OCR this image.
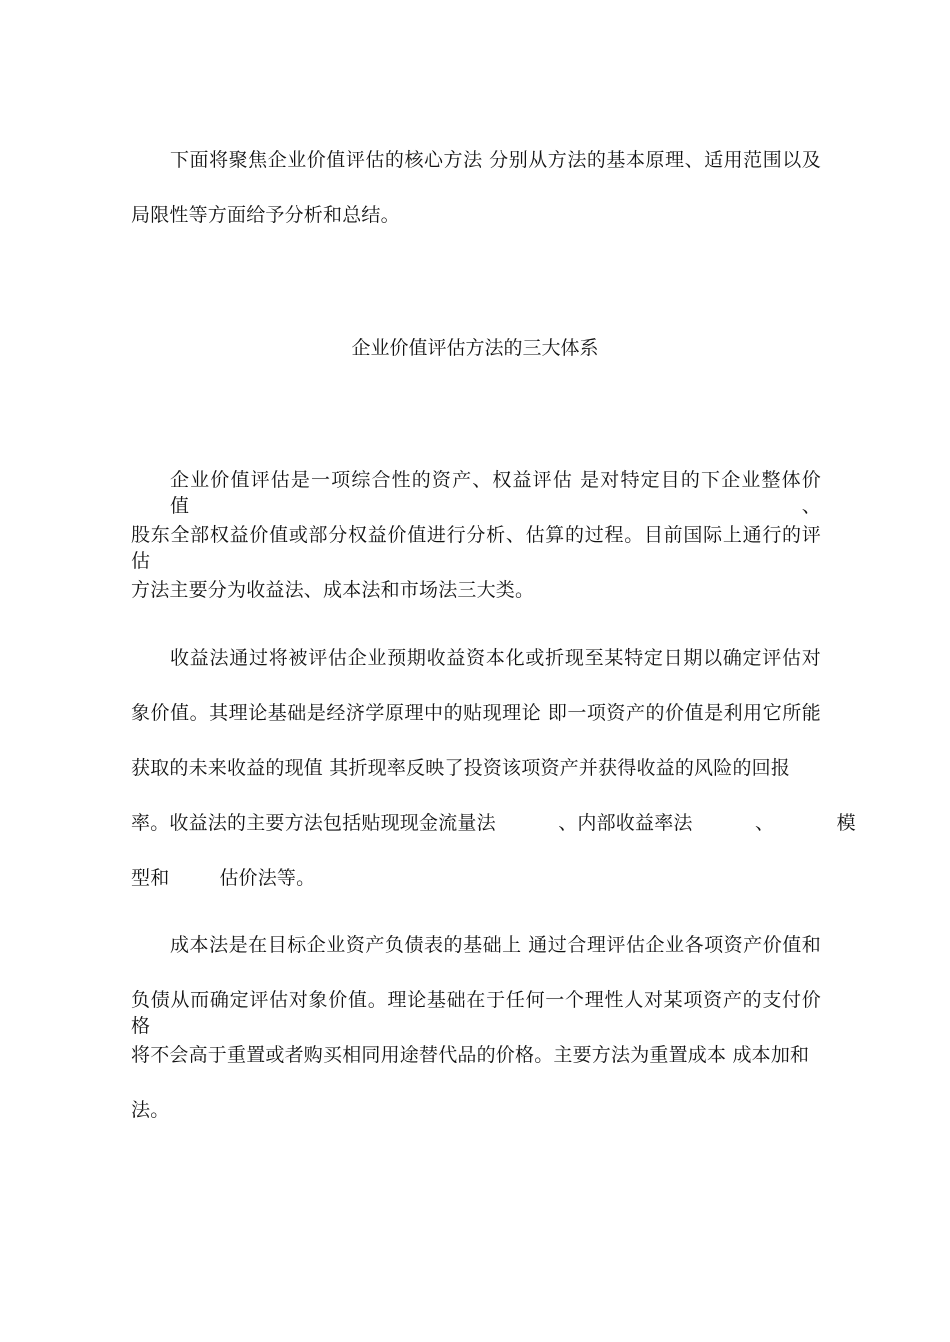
下面将聚焦企业价值评估的核心方法 分别从方法的基本原理、适用范围以及
局限性等方面给予分析和总结。
企业价值评估方法的三大体系
企业价值评估是一项综合性的资产、权益评估 是对特定目的下企业整体价值、
股东全部权益价值或部分权益价值进行分析、估算的过程。目前国际上通行的评估
方法主要分为收益法、成本法和市场法三大类。
收益法通过将被评估企业预期收益资本化或折现至某特定日期以确定评估对
象价值。其理论基础是经济学原理中的贴现理论 即一项资产的价值是利用它所能
获取的未来收益的现值 其折现率反映了投资该项资产并获得收益的风险的回报
率。收益法的主要方法包括贴现现金流量法          、内部收益率法          、          模
型和        估价法等。
成本法是在目标企业资产负债表的基础上 通过合理评估企业各项资产价值和
负债从而确定评估对象价值。理论基础在于任何一个理性人对某项资产的支付价格
将不会高于重置或者购买相同用途替代品的价格。主要方法为重置成本 成本加和
法。
